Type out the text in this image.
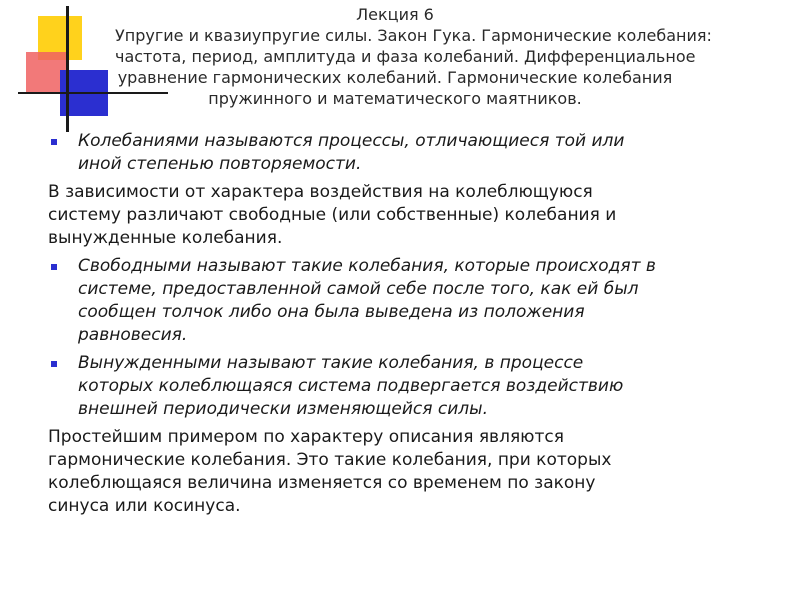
Лекция 6
Упругие и квазиупругие силы. Закон Гука. Гармонические колебания:
частота, период, амплитуда и фаза колебаний. Дифференциальное
уравнение гармонических колебаний. Гармонические колебания
пружинного и математического маятников.
Колебаниями называются процессы, отличающиеся той или
иной степенью повторяемости.
В зависимости от характера воздействия на колеблющуюся
систему различают свободные (или собственные) колебания и
вынужденные колебания.
Свободными называют такие колебания, которые происходят в
системе, предоставленной самой себе после того, как ей был
сообщен толчок либо она была выведена из положения
равновесия.
Вынужденными называют такие колебания, в процессе
которых колеблющаяся система подвергается воздействию
внешней периодически изменяющейся силы.
Простейшим примером по характеру описания являются
гармонические колебания. Это такие колебания, при которых
колеблющаяся величина изменяется со временем по закону
синуса или косинуса.
